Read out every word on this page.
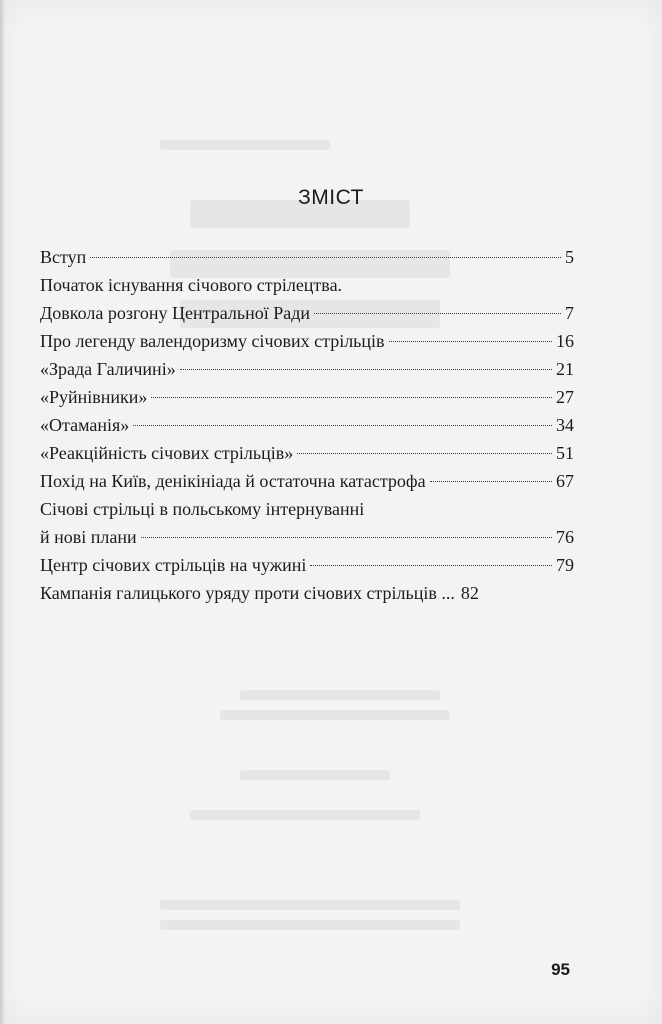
ЗМІСТ
Вступ	5
Початок існування січового стрілецтва.
Довкола розгону Центральної Ради	7
Про легенду валендоризму січових стрільців	16
«Зрада Галичині»	21
«Руйнівники»	27
«Отаманія»	34
«Реакційність січових стрільців»	51
Похід на Київ, денікініада й остаточна катастрофа	67
Січові стрільці в польському інтернуванні
й нові плани	76
Центр січових стрільців на чужині	79
Кампанія галицького уряду проти січових стрільців ... 82
95
